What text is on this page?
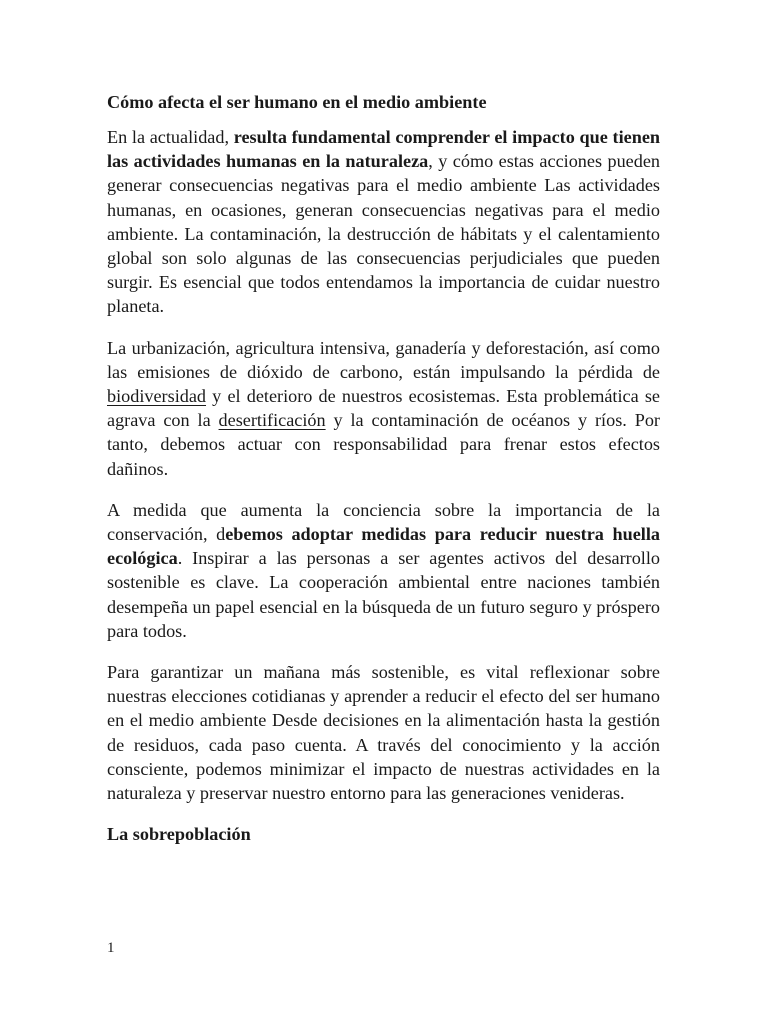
Cómo afecta el ser humano en el medio ambiente

En la actualidad, resulta fundamental comprender el impacto que tienen las actividades humanas en la naturaleza, y cómo estas acciones pueden generar consecuencias negativas para el medio ambiente Las actividades humanas, en ocasiones, generan consecuencias negativas para el medio ambiente. La contaminación, la destrucción de hábitats y el calentamiento global son solo algunas de las consecuencias perjudiciales que pueden surgir. Es esencial que todos entendamos la importancia de cuidar nuestro planeta.

La urbanización, agricultura intensiva, ganadería y deforestación, así como las emisiones de dióxido de carbono, están impulsando la pérdida de biodiversidad y el deterioro de nuestros ecosistemas. Esta problemática se agrava con la desertificación y la contaminación de océanos y ríos. Por tanto, debemos actuar con responsabilidad para frenar estos efectos dañinos.

A medida que aumenta la conciencia sobre la importancia de la conservación, debemos adoptar medidas para reducir nuestra huella ecológica. Inspirar a las personas a ser agentes activos del desarrollo sostenible es clave. La cooperación ambiental entre naciones también desempeña un papel esencial en la búsqueda de un futuro seguro y próspero para todos.

Para garantizar un mañana más sostenible, es vital reflexionar sobre nuestras elecciones cotidianas y aprender a reducir el efecto del ser humano en el medio ambiente Desde decisiones en la alimentación hasta la gestión de residuos, cada paso cuenta. A través del conocimiento y la acción consciente, podemos minimizar el impacto de nuestras actividades en la naturaleza y preservar nuestro entorno para las generaciones venideras.

La sobrepoblación
1
